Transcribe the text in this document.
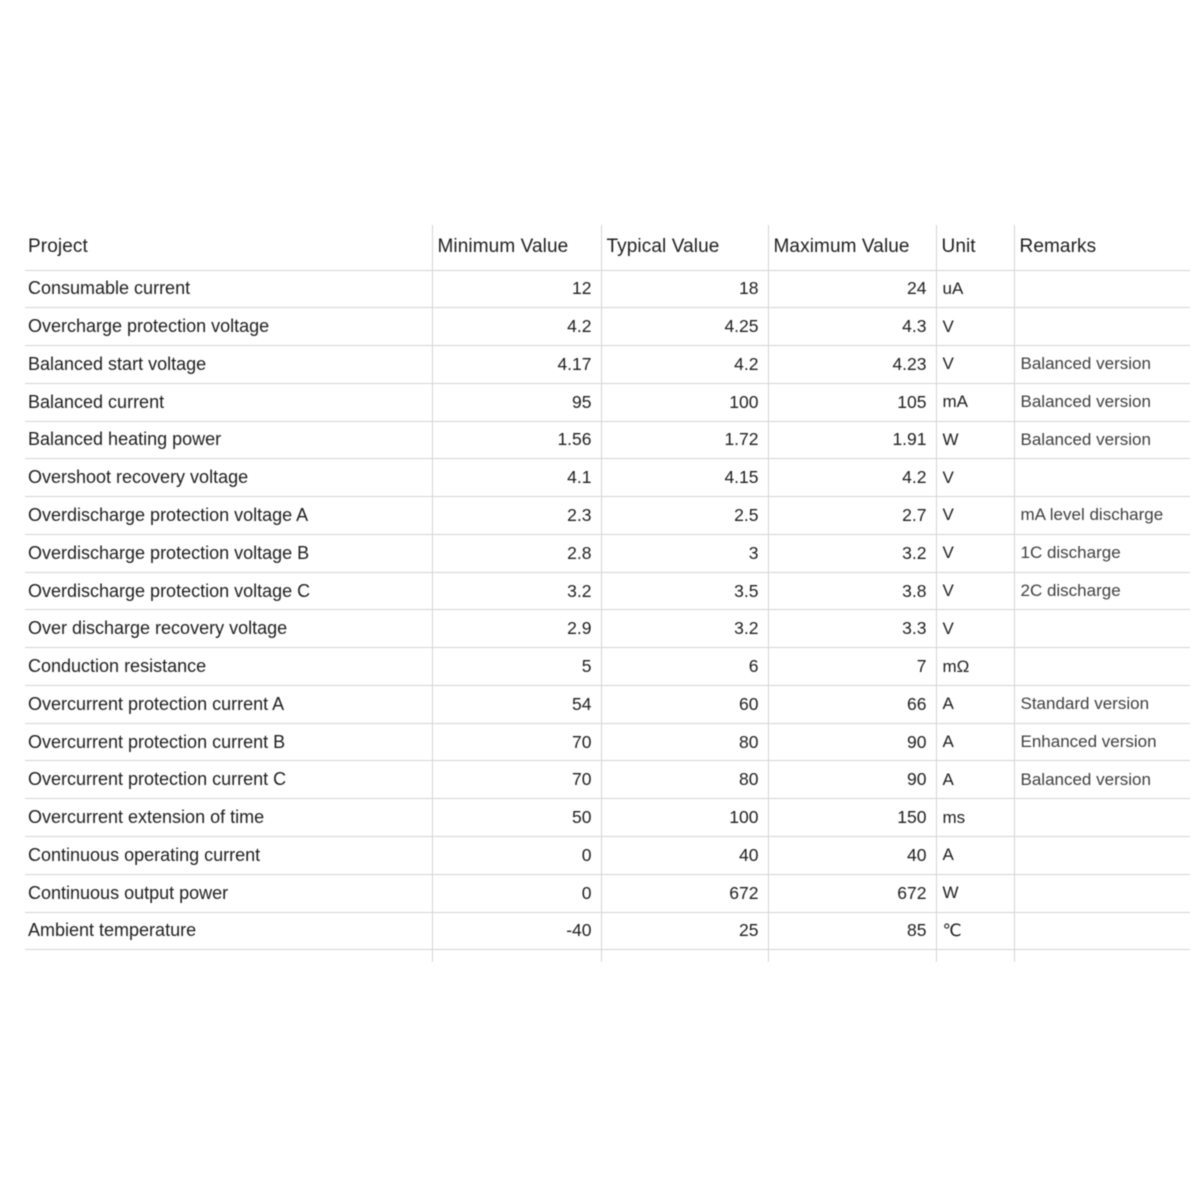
Project	Minimum Value	Typical Value	Maximum Value	Unit	Remarks
Consumable current	12	18	24	uA	
Overcharge protection voltage	4.2	4.25	4.3	V	
Balanced start voltage	4.17	4.2	4.23	V	Balanced version
Balanced current	95	100	105	mA	Balanced version
Balanced heating power	1.56	1.72	1.91	W	Balanced version
Overshoot recovery voltage	4.1	4.15	4.2	V	
Overdischarge protection voltage A	2.3	2.5	2.7	V	mA level discharge
Overdischarge protection voltage B	2.8	3	3.2	V	1C discharge
Overdischarge protection voltage C	3.2	3.5	3.8	V	2C discharge
Over discharge recovery voltage	2.9	3.2	3.3	V	
Conduction resistance	5	6	7	mΩ	
Overcurrent protection current A	54	60	66	A	Standard version
Overcurrent protection current B	70	80	90	A	Enhanced version
Overcurrent protection current C	70	80	90	A	Balanced version
Overcurrent extension of time	50	100	150	ms	
Continuous operating current	0	40	40	A	
Continuous output power	0	672	672	W	
Ambient temperature	-40	25	85	℃	
